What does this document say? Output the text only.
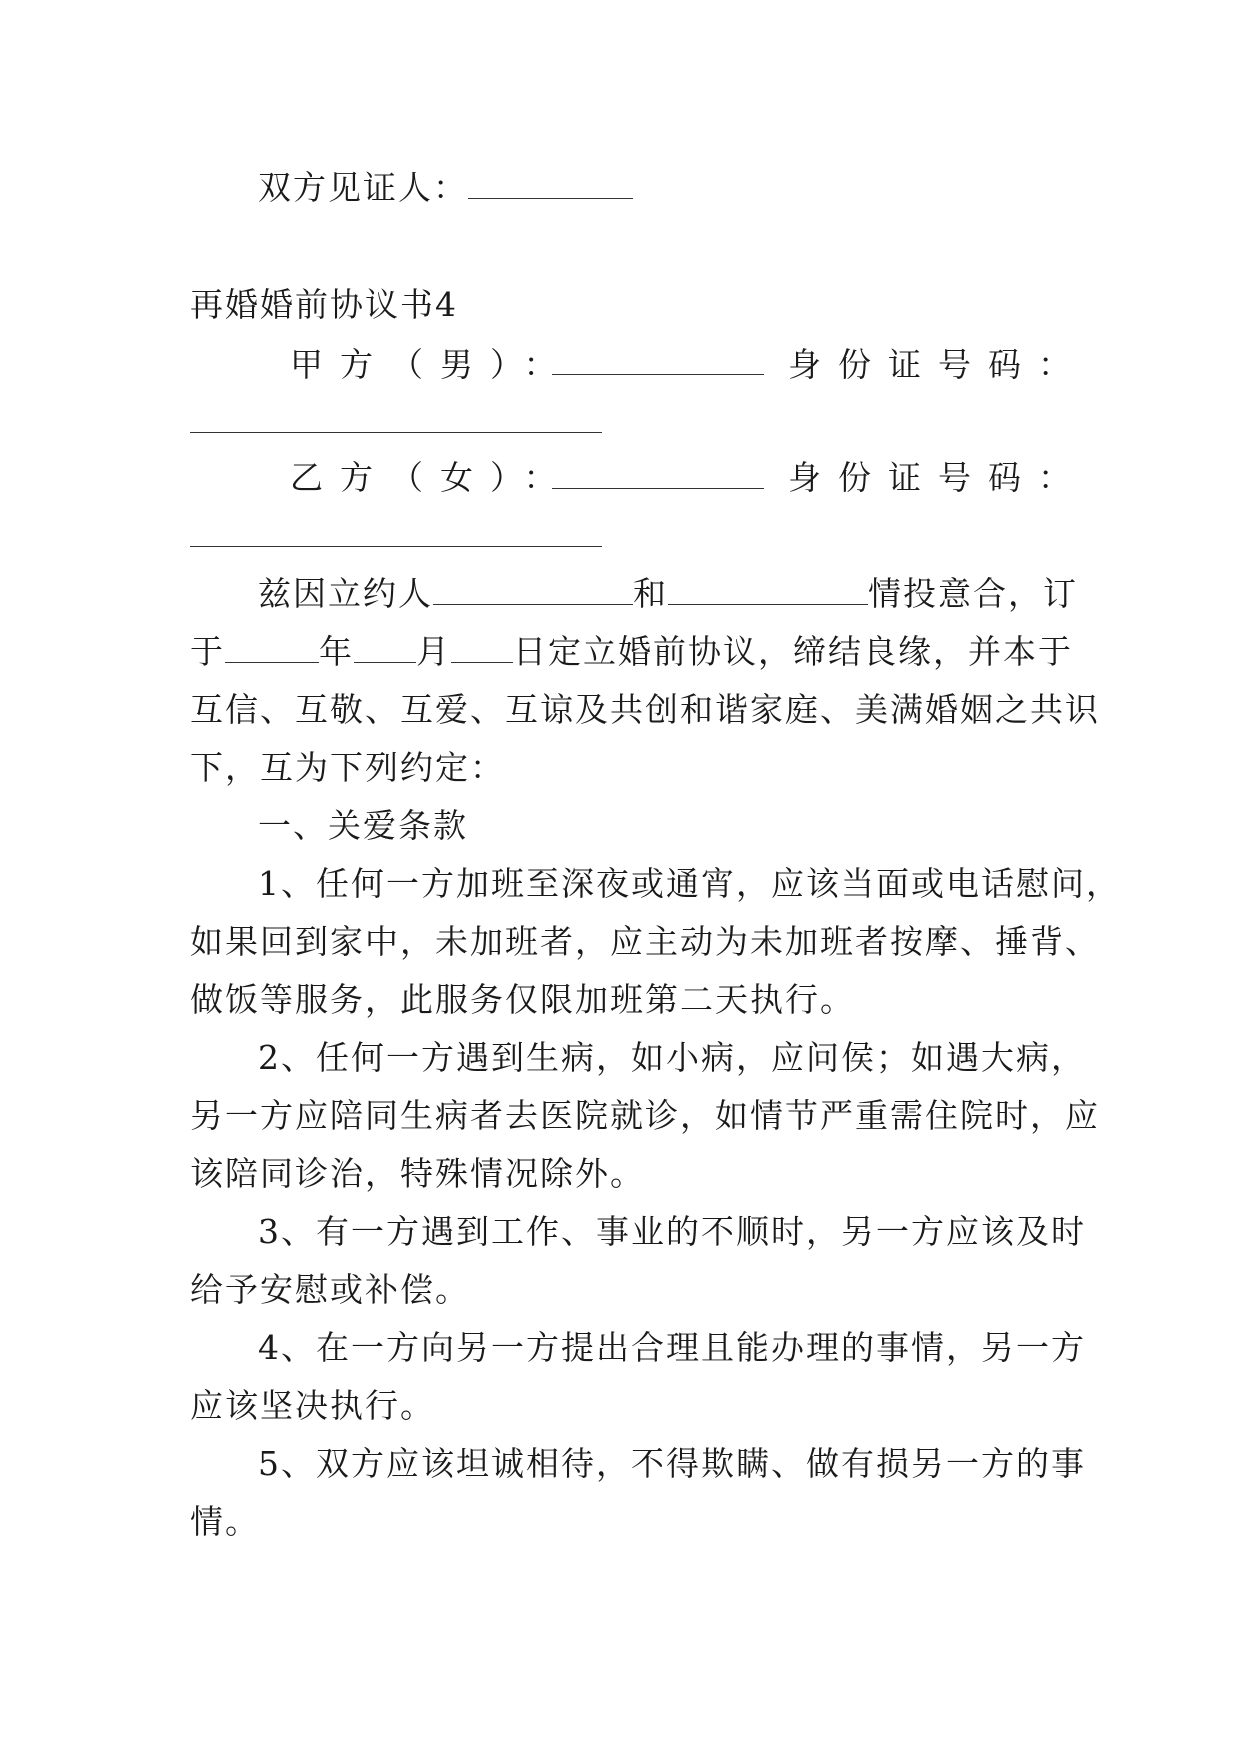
双方见证人：
再婚婚前协议书4
甲方（男）：	身份证号码：
乙方（女）：	身份证号码：
兹因立约人	和	情投意合，订
于	年 月 日定立婚前协议，缔结良缘，并本于
互信、互敬、互爱、互谅及共创和谐家庭、美满婚姻之共识
下，互为下列约定：
一、关爱条款
1、任何一方加班至深夜或通宵，应该当面或电话慰问，
如果回到家中，未加班者，应主动为未加班者按摩、捶背、
做饭等服务，此服务仅限加班第二天执行。
2、任何一方遇到生病，如小病，应问侯；如遇大病，
另一方应陪同生病者去医院就诊，如情节严重需住院时，应
该陪同诊治，特殊情况除外。
3、有一方遇到工作、事业的不顺时，另一方应该及时
给予安慰或补偿。
4、在一方向另一方提出合理且能办理的事情，另一方
应该坚决执行。
5、双方应该坦诚相待，不得欺瞒、做有损另一方的事
情。
